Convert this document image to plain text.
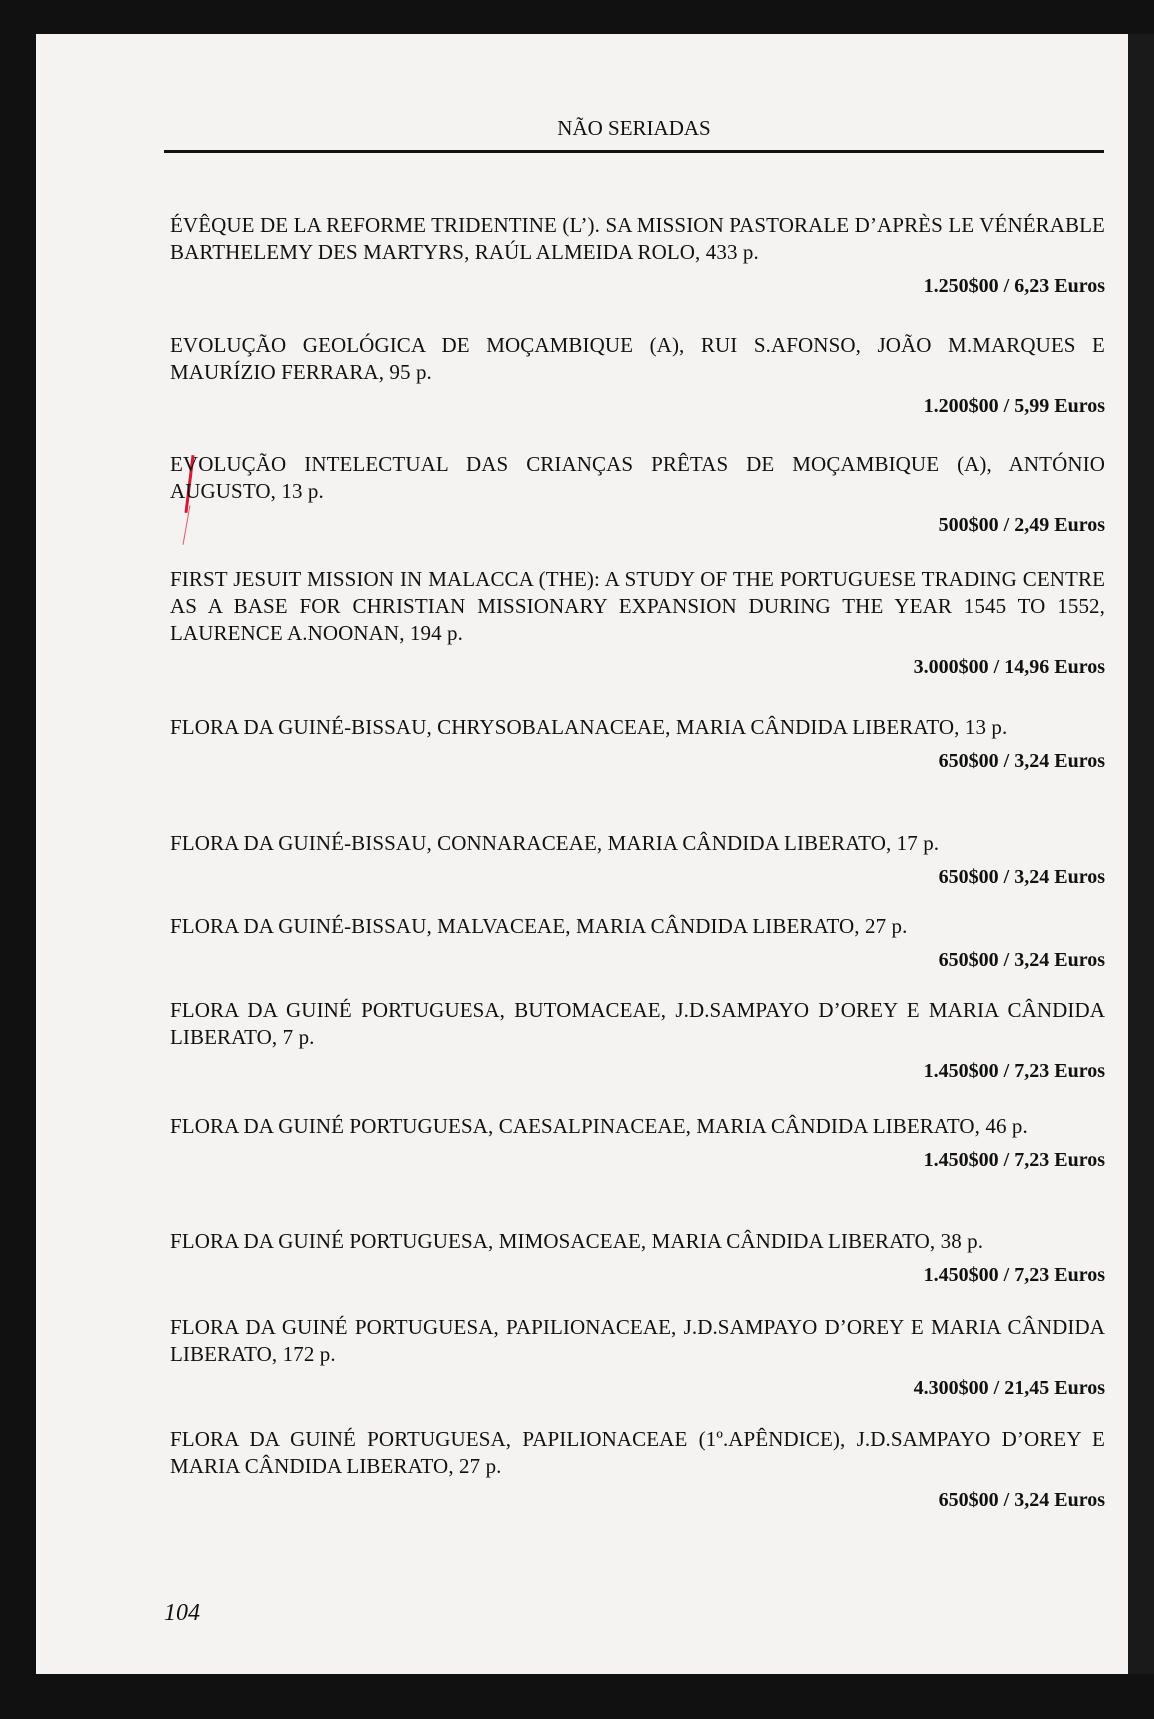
NÃO SERIADAS
ÉVÊQUE DE LA REFORME TRIDENTINE (L’). SA MISSION PASTORALE D’APRÈS LE VÉNÉRABLE BARTHELEMY DES MARTYRS, RAÚL ALMEIDA ROLO, 433 p.
1.250$00 / 6,23 Euros
EVOLUÇÃO GEOLÓGICA DE MOÇAMBIQUE (A), RUI S.AFONSO, JOÃO M.MARQUES E MAURÍZIO FERRARA, 95 p.
1.200$00 / 5,99 Euros
EVOLUÇÃO INTELECTUAL DAS CRIANÇAS PRÊTAS DE MOÇAMBIQUE (A), ANTÓNIO AUGUSTO, 13 p.
500$00 / 2,49 Euros
FIRST JESUIT MISSION IN MALACCA (THE): A STUDY OF THE PORTUGUESE TRADING CENTRE AS A BASE FOR CHRISTIAN MISSIONARY EXPANSION DURING THE YEAR 1545 TO 1552, LAURENCE A.NOONAN, 194 p.
3.000$00 / 14,96 Euros
FLORA DA GUINÉ-BISSAU, CHRYSOBALANACEAE, MARIA CÂNDIDA LIBERATO, 13 p.
650$00 / 3,24 Euros
FLORA DA GUINÉ-BISSAU, CONNARACEAE, MARIA CÂNDIDA LIBERATO, 17 p.
650$00 / 3,24 Euros
FLORA DA GUINÉ-BISSAU, MALVACEAE, MARIA CÂNDIDA LIBERATO, 27 p.
650$00 / 3,24 Euros
FLORA DA GUINÉ PORTUGUESA, BUTOMACEAE, J.D.SAMPAYO D’OREY E MARIA CÂNDIDA LIBERATO, 7 p.
1.450$00 / 7,23 Euros
FLORA DA GUINÉ PORTUGUESA, CAESALPINACEAE, MARIA CÂNDIDA LIBERATO, 46 p.
1.450$00 / 7,23 Euros
FLORA DA GUINÉ PORTUGUESA, MIMOSACEAE, MARIA CÂNDIDA LIBERATO, 38 p.
1.450$00 / 7,23 Euros
FLORA DA GUINÉ PORTUGUESA, PAPILIONACEAE, J.D.SAMPAYO D’OREY E MARIA CÂNDIDA LIBERATO, 172 p.
4.300$00 / 21,45 Euros
FLORA DA GUINÉ PORTUGUESA, PAPILIONACEAE (1º.APÊNDICE), J.D.SAMPAYO D’OREY E MARIA CÂNDIDA LIBERATO, 27 p.
650$00 / 3,24 Euros
104
